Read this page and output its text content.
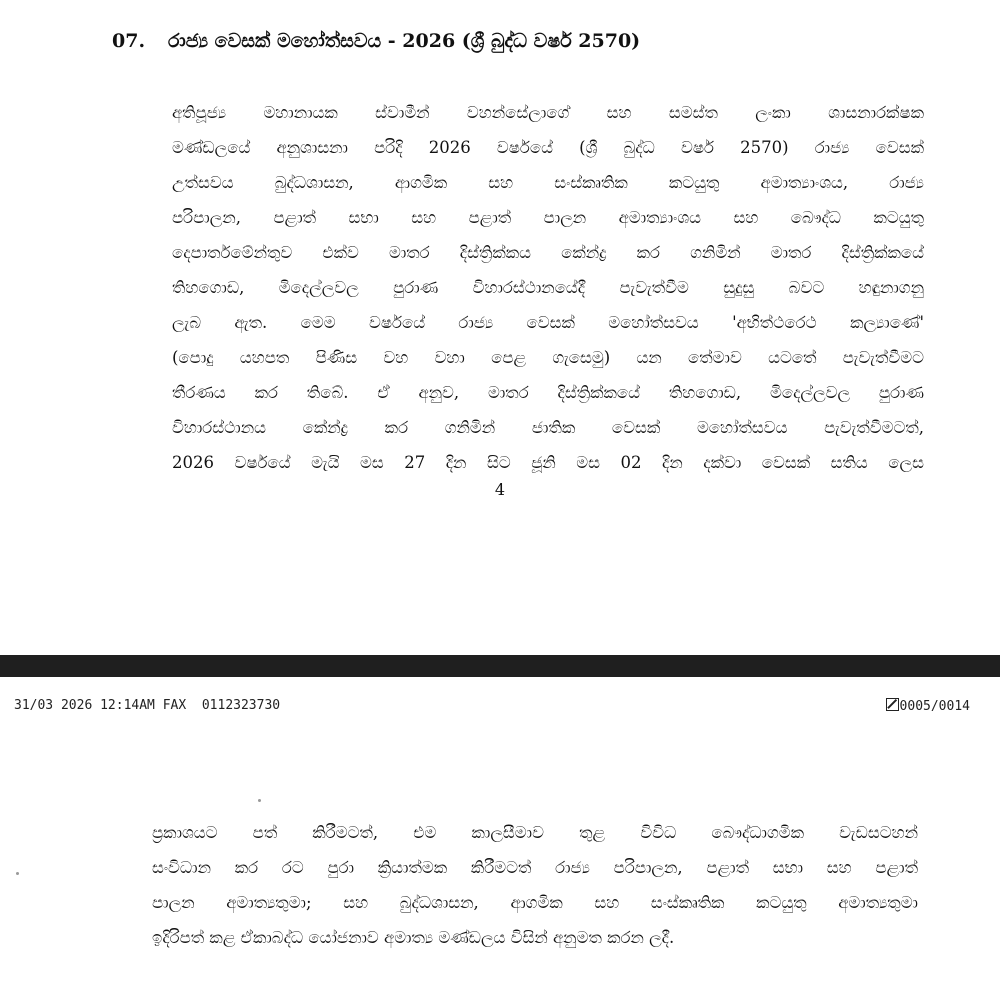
07. රාජ්‍ය වෙසක් මහෝත්සවය - 2026 (ශ්‍රී බුද්ධ වර්ෂ 2570)
අතිපූජ්‍ය මහානායක ස්වාමීන් වහන්සේලාගේ සහ සමස්ත ලංකා ශාසනාරක්ෂක
මණ්ඩලයේ අනුශාසනා පරිදි 2026 වර්ෂයේ (ශ්‍රී බුද්ධ වර්ෂ 2570) රාජ්‍ය වෙසක්
උත්සවය බුද්ධශාසන, ආගමික සහ සංස්කෘතික කටයුතු අමාත්‍යාංශය, රාජ්‍ය
පරිපාලන, පළාත් සභා සහ පළාත් පාලන අමාත්‍යාංශය සහ බෞද්ධ කටයුතු
දෙපාර්තමේන්තුව එක්ව මාතර දිස්ත්‍රික්කය කේන්ද්‍ර කර ගනිමින් මාතර දිස්ත්‍රික්කයේ
තිහගොඩ, මිදෙල්ලවල පුරාණ විහාරස්ථානයේදී පැවැත්වීම සුදුසු බවට හඳුනාගනු
ලැබ ඇත. මෙම වර්ෂයේ රාජ්‍ය වෙසක් මහෝත්සවය 'අභිත්ථරෙථ කල්‍යාණේ'
(පොදු යහපත පිණිස වහ වහා පෙළ ගැසෙමු) යන තේමාව යටතේ පැවැත්වීමට
තීරණය කර තිබේ. ඒ අනුව, මාතර දිස්ත්‍රික්කයේ තිහගොඩ, මිදෙල්ලවල පුරාණ
විහාරස්ථානය කේන්ද්‍ර කර ගනිමින් ජාතික වෙසක් මහෝත්සවය පැවැත්වීමටත්,
2026 වර්ෂයේ මැයි මස 27 දින සිට ජූනි මස 02 දින දක්වා වෙසක් සතිය ලෙස
4
31/03 2026 12:14AM FAX  0112323730	0005/0014
ප්‍රකාශයට පත් කිරීමටත්, එම කාලසීමාව තුළ විවිධ බෞද්ධාගමික වැඩසටහන්
සංවිධාන කර රට පුරා ක්‍රියාත්මක කිරීමටත් රාජ්‍ය පරිපාලන, පළාත් සභා සහ පළාත්
පාලන අමාත්‍යතුමා; සහ බුද්ධශාසන, ආගමික සහ සංස්කෘතික කටයුතු අමාත්‍යතුමා
ඉදිරිපත් කළ ඒකාබද්ධ යෝජනාව අමාත්‍ය මණ්ඩලය විසින් අනුමත කරන ලදී.
